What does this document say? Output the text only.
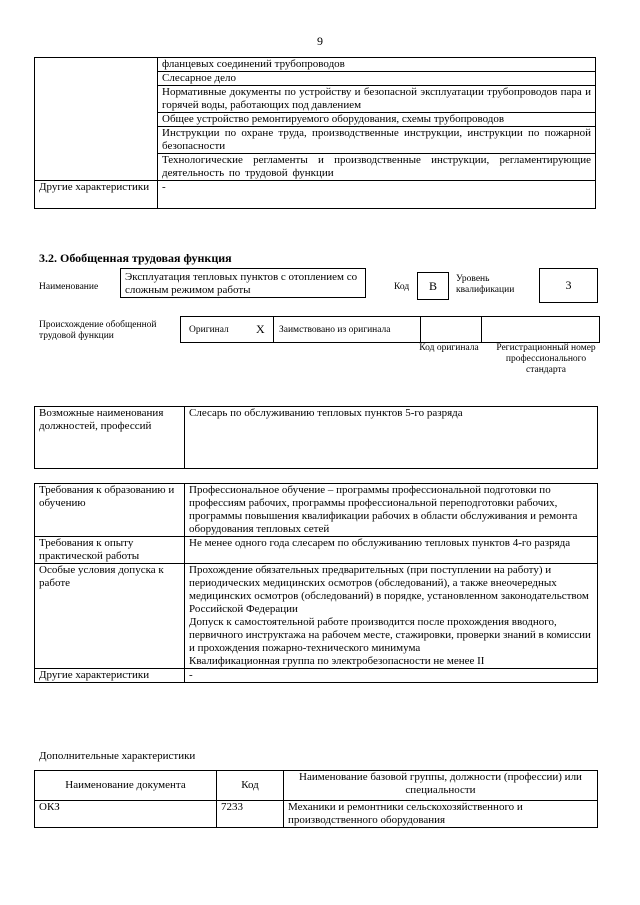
9
	фланцевых соединений трубопроводов
	Слесарное дело
	Нормативные документы по устройству и безопасной эксплуатации трубопроводов пара и горячей воды, работающих под давлением
	Общее устройство ремонтируемого оборудования, схемы трубопроводов
	Инструкции по охране труда, производственные инструкции, инструкции по пожарной безопасности
	Технологические регламенты и производственные инструкции, регламентирующие деятельность по трудовой функции
Другие характеристики	-
3.2. Обобщенная трудовая функция
Наименование
Эксплуатация тепловых пунктов с отоплением со сложным режимом работы	Код	B	Уровень квалификации	3
Происхождение обобщенной трудовой функции
Оригинал X Заимствовано из оригинала
Код оригинала Регистрационный номер профессионального стандарта
Возможные наименования должностей, профессий	Слесарь по обслуживанию тепловых пунктов 5-го разряда
Требования к образованию и обучению	Профессиональное обучение – программы профессиональной подготовки по профессиям рабочих, программы профессиональной переподготовки рабочих, программы повышения квалификации рабочих в области обслуживания и ремонта оборудования тепловых сетей
Требования к опыту практической работы	Не менее одного года слесарем по обслуживанию тепловых пунктов 4-го разряда
Особые условия допуска к работе	Прохождение обязательных предварительных (при поступлении на работу) и периодических медицинских осмотров (обследований), а также внеочередных медицинских осмотров (обследований) в порядке, установленном законодательством Российской Федерации
Допуск к самостоятельной работе производится после прохождения вводного, первичного инструктажа на рабочем месте, стажировки, проверки знаний в комиссии и прохождения пожарно-технического минимума
Квалификационная группа по электробезопасности не менее II

Другие характеристики	-
Дополнительные характеристики
Наименование документа	Код	Наименование базовой группы, должности (профессии) или специальности
ОКЗ	7233	Механики и ремонтники сельскохозяйственного и производственного оборудования
